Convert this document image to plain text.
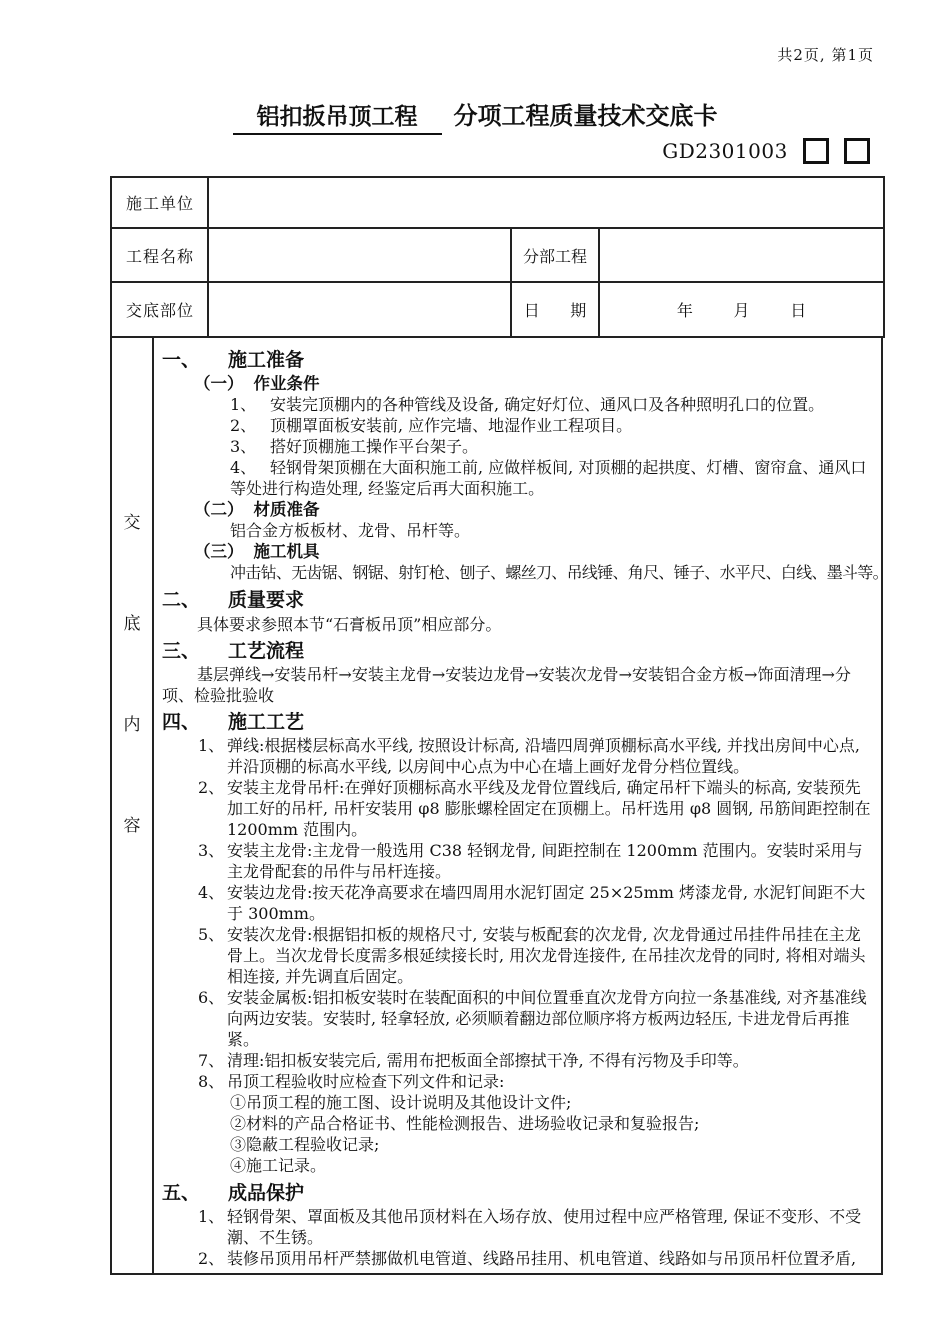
共2页, 第1页
铝扣扳吊顶工程 分项工程质量技术交底卡
GD2301003
施工单位			
工程名称		分部工程	
交底部位		日      期	年        月        日
交
底
内
容

一、 施工准备
（一） 作业条件
1、 安装完顶棚内的各种管线及设备, 确定好灯位、通风口及各种照明孔口的位置。
2、 顶棚罩面板安装前, 应作完墙、地湿作业工程项目。
3、 搭好顶棚施工操作平台架子。
4、 轻钢骨架顶棚在大面积施工前, 应做样板间, 对顶棚的起拱度、灯槽、窗帘盒、通风口等处进行构造处理, 经鉴定后再大面积施工。
（二） 材质准备
铝合金方板板材、龙骨、吊杆等。
（三） 施工机具
冲击钻、无齿锯、钢锯、射钉枪、刨子、螺丝刀、吊线锤、角尺、锤子、水平尺、白线、墨斗等。
二、 质量要求
具体要求参照本节“石膏板吊顶”相应部分。
三、 工艺流程
基层弹线→安装吊杆→安装主龙骨→安装边龙骨→安装次龙骨→安装铝合金方板→饰面清理→分项、检验批验收
四、 施工工艺
1、 弹线:根据楼层标高水平线, 按照设计标高, 沿墙四周弹顶棚标高水平线, 并找出房间中心点, 并沿顶棚的标高水平线, 以房间中心点为中心在墙上画好龙骨分档位置线。
2、 安装主龙骨吊杆:在弹好顶棚标高水平线及龙骨位置线后, 确定吊杆下端头的标高, 安装预先加工好的吊杆, 吊杆安装用 φ8 膨胀螺栓固定在顶棚上。吊杆选用 φ8 圆钢, 吊筋间距控制在 1200mm 范围内。
3、 安装主龙骨:主龙骨一般选用 C38 轻钢龙骨, 间距控制在 1200mm 范围内。安装时采用与主龙骨配套的吊件与吊杆连接。
4、 安装边龙骨:按天花净高要求在墙四周用水泥钉固定 25×25mm 烤漆龙骨, 水泥钉间距不大于 300mm。
5、 安装次龙骨:根据铝扣板的规格尺寸, 安装与板配套的次龙骨, 次龙骨通过吊挂件吊挂在主龙骨上。当次龙骨长度需多根延续接长时, 用次龙骨连接件, 在吊挂次龙骨的同时, 将相对端头相连接, 并先调直后固定。
6、 安装金属板:铝扣板安装时在装配面积的中间位置垂直次龙骨方向拉一条基准线, 对齐基准线向两边安装。安装时, 轻拿轻放, 必须顺着翻边部位顺序将方板两边轻压, 卡进龙骨后再推紧。
7、 清理:铝扣板安装完后, 需用布把板面全部擦拭干净, 不得有污物及手印等。
8、 吊顶工程验收时应检查下列文件和记录:
①吊顶工程的施工图、设计说明及其他设计文件;
②材料的产品合格证书、性能检测报告、进场验收记录和复验报告;
③隐蔽工程验收记录;
④施工记录。
五、 成品保护
1、 轻钢骨架、罩面板及其他吊顶材料在入场存放、使用过程中应严格管理, 保证不变形、不受潮、不生锈。
2、 装修吊顶用吊杆严禁挪做机电管道、线路吊挂用、机电管道、线路如与吊顶吊杆位置矛盾,
